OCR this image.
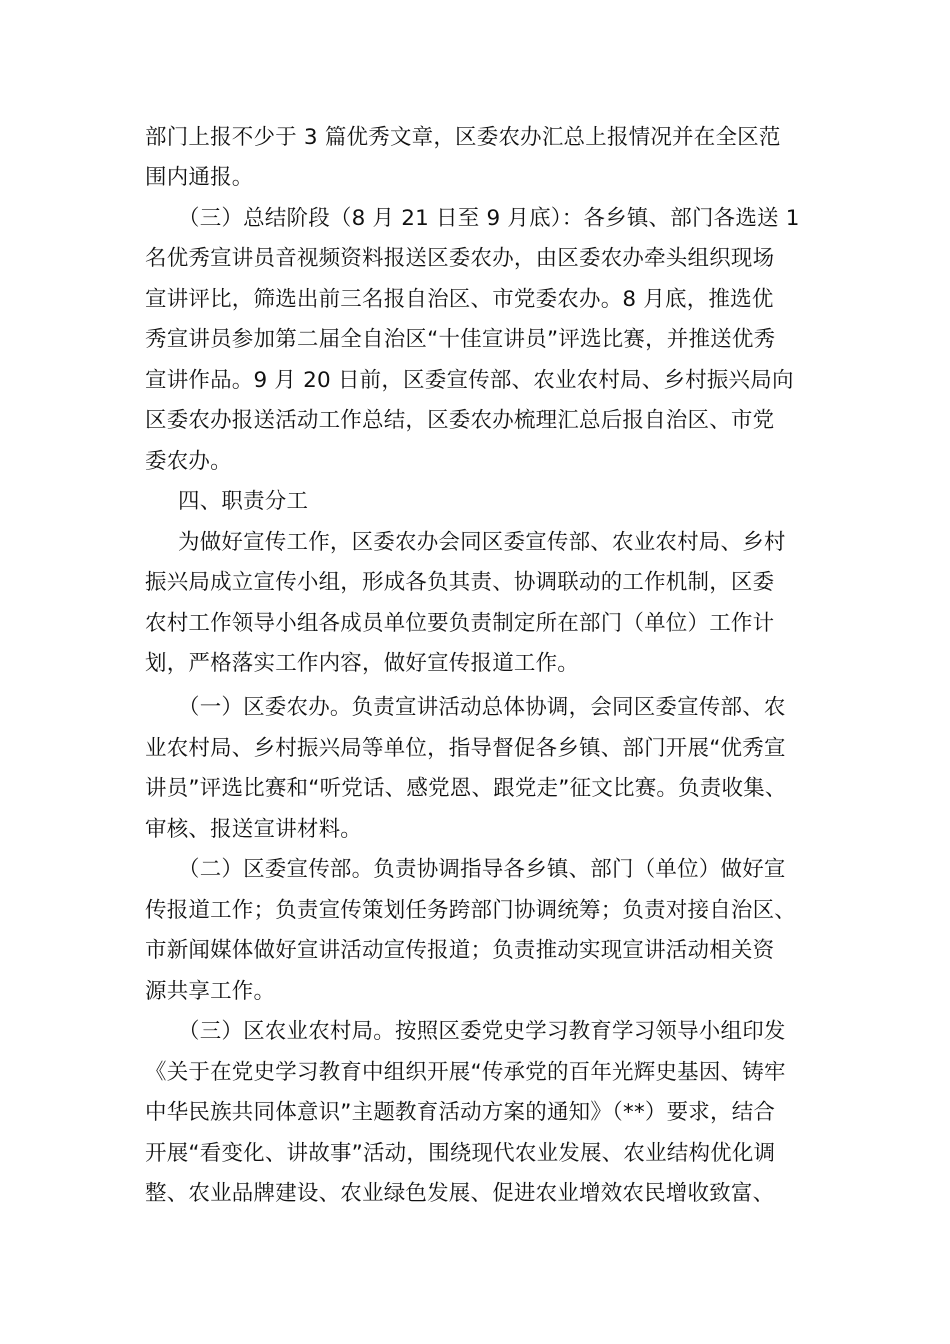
部门上报不少于 3 篇优秀文章，区委农办汇总上报情况并在全区范
围内通报。
（三）总结阶段（8 月 21 日至 9 月底）：各乡镇、部门各选送 1
名优秀宣讲员音视频资料报送区委农办，由区委农办牵头组织现场
宣讲评比，筛选出前三名报自治区、市党委农办。8 月底，推选优
秀宣讲员参加第二届全自治区“十佳宣讲员”评选比赛，并推送优秀
宣讲作品。9 月 20 日前，区委宣传部、农业农村局、乡村振兴局向
区委农办报送活动工作总结，区委农办梳理汇总后报自治区、市党
委农办。
四、职责分工
为做好宣传工作，区委农办会同区委宣传部、农业农村局、乡村
振兴局成立宣传小组，形成各负其责、协调联动的工作机制，区委
农村工作领导小组各成员单位要负责制定所在部门（单位）工作计
划，严格落实工作内容，做好宣传报道工作。
（一）区委农办。负责宣讲活动总体协调，会同区委宣传部、农
业农村局、乡村振兴局等单位，指导督促各乡镇、部门开展“优秀宣
讲员”评选比赛和“听党话、感党恩、跟党走”征文比赛。负责收集、
审核、报送宣讲材料。
（二）区委宣传部。负责协调指导各乡镇、部门（单位）做好宣
传报道工作；负责宣传策划任务跨部门协调统筹；负责对接自治区、
市新闻媒体做好宣讲活动宣传报道；负责推动实现宣讲活动相关资
源共享工作。
（三）区农业农村局。按照区委党史学习教育学习领导小组印发
《关于在党史学习教育中组织开展“传承党的百年光辉史基因、铸牢
中华民族共同体意识”主题教育活动方案的通知》（**）要求，结合
开展“看变化、讲故事”活动，围绕现代农业发展、农业结构优化调
整、农业品牌建设、农业绿色发展、促进农业增效农民增收致富、
